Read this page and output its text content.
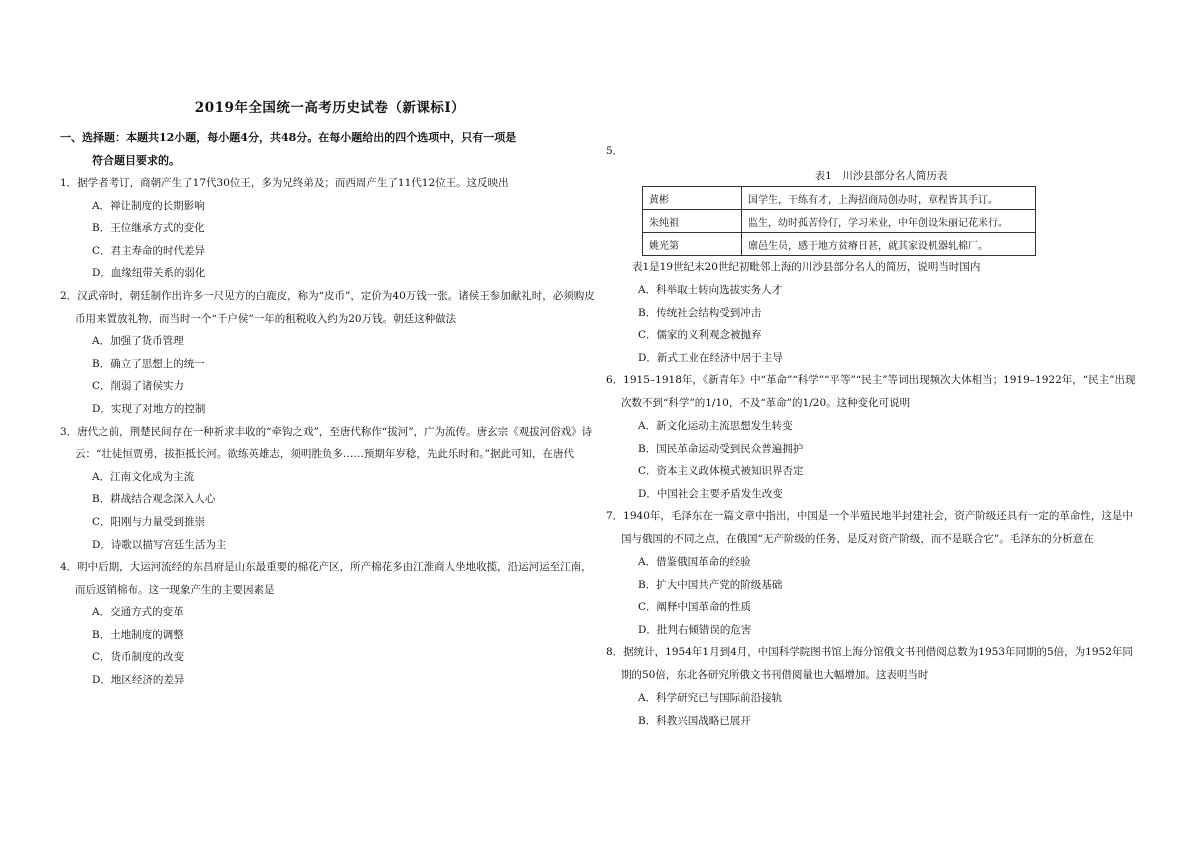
2019年全国统一高考历史试卷（新课标Ⅰ）
一、选择题：本题共12小题，每小题4分，共48分。在每小题给出的四个选项中，只有一项是
符合题目要求的。
1．据学者考订，商朝产生了17代30位王，多为兄终弟及；而西周产生了11代12位王。这反映出
A．禅让制度的长期影响
B．王位继承方式的变化
C．君主寿命的时代差异
D．血缘纽带关系的弱化
2．汉武帝时，朝廷制作出许多一尺见方的白鹿皮，称为“皮币”，定价为40万钱一张。诸侯王参加献礼时，必须购皮币用来置放礼物，而当时一个“千户侯”一年的租税收入约为20万钱。朝廷这种做法
A．加强了货币管理
B．确立了思想上的统一
C．削弱了诸侯实力
D．实现了对地方的控制
3．唐代之前，荆楚民间存在一种祈求丰收的“牵钩之戏”，至唐代称作“拔河”，广为流传。唐玄宗《观拔河俗戏》诗云：“壮徒恒贾勇，拔拒抵长河。欲练英雄志，须明胜负多……预期年岁稔，先此乐时和。”据此可知，在唐代
A．江南文化成为主流
B．耕战结合观念深入人心
C．阳刚与力量受到推崇
D．诗歌以描写宫廷生活为主
4．明中后期，大运河流经的东昌府是山东最重要的棉花产区，所产棉花多由江淮商人坐地收揽，沿运河运至江南，而后返销棉布。这一现象产生的主要因素是
A．交通方式的变革
B．土地制度的调整
C．货币制度的改变
D．地区经济的差异
5．
表1　川沙县部分名人简历表
黄彬	国学生，干练有才，上海招商局创办时，章程皆其手订。
朱纯祖	监生，幼时孤苦伶仃，学习米业，中年创设朱丽记花米行。
姚光第	廪邑生员，感于地方贫瘠日甚，就其家设机器轧棉厂。
表1是19世纪末20世纪初毗邻上海的川沙县部分名人的简历，说明当时国内
A．科举取士转向选拔实务人才
B．传统社会结构受到冲击
C．儒家的义利观念被抛弃
D．新式工业在经济中居于主导
6．1915–1918年，《新青年》中“革命”“科学”“平等”“民主”等词出现频次大体相当；1919–1922年，“民主”出现次数不到“科学”的1/10，不及“革命”的1/20。这种变化可说明
A．新文化运动主流思想发生转变
B．国民革命运动受到民众普遍拥护
C．资本主义政体模式被知识界否定
D．中国社会主要矛盾发生改变
7．1940年，毛泽东在一篇文章中指出，中国是一个半殖民地半封建社会，资产阶级还具有一定的革命性，这是中国与俄国的不同之点，在俄国“无产阶级的任务，是反对资产阶级，而不是联合它”。毛泽东的分析意在
A．借鉴俄国革命的经验
B．扩大中国共产党的阶级基础
C．阐释中国革命的性质
D．批判右倾错误的危害
8．据统计，1954年1月到4月，中国科学院图书馆上海分馆俄文书刊借阅总数为1953年同期的5倍，为1952年同期的50倍，东北各研究所俄文书刊借阅量也大幅增加。这表明当时
A．科学研究已与国际前沿接轨
B．科教兴国战略已展开
